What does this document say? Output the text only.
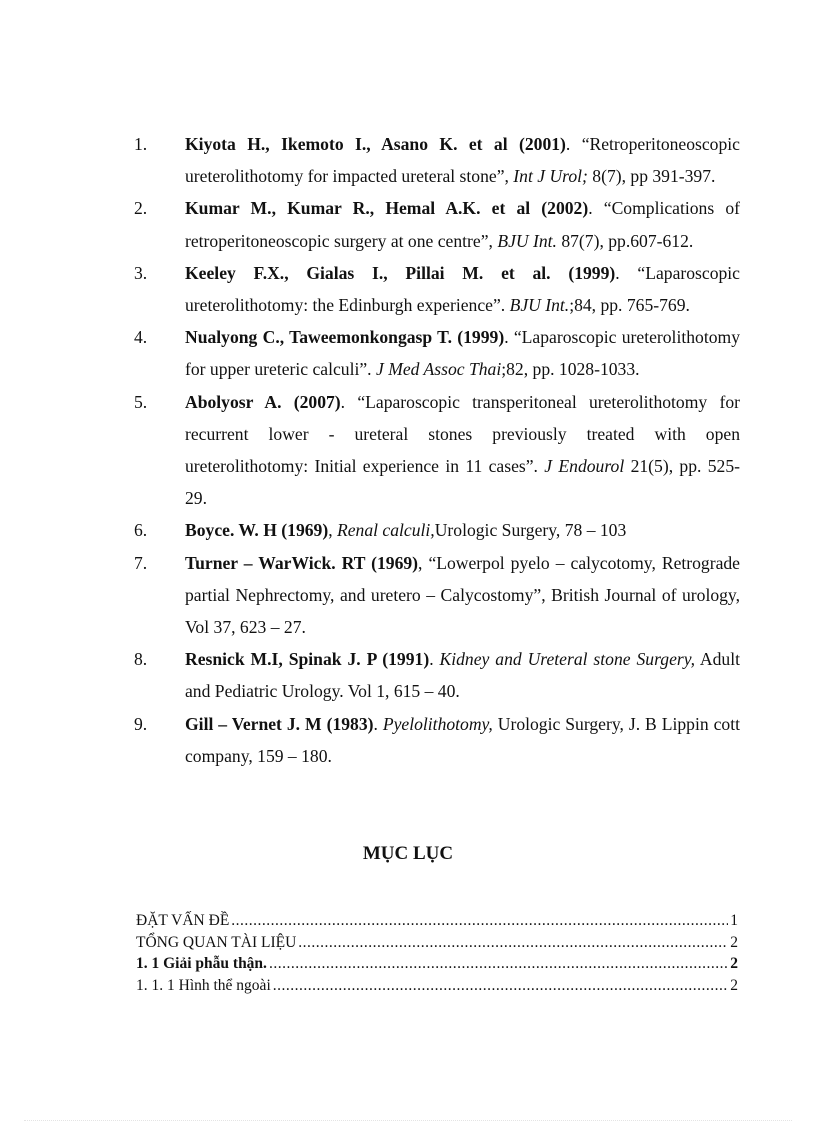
1. Kiyota H., Ikemoto I., Asano K. et al (2001). “Retroperitoneoscopic ureterolithotomy for impacted ureteral stone”, Int J Urol; 8(7), pp 391-397.
2. Kumar M., Kumar R., Hemal A.K. et al (2002). “Complications of retroperitoneoscopic surgery at one centre”, BJU Int. 87(7), pp.607-612.
3. Keeley F.X., Gialas I., Pillai M. et al. (1999). “Laparoscopic ureterolithotomy: the Edinburgh experience”. BJU Int.;84, pp. 765-769.
4. Nualyong C., Taweemonkongasp T. (1999). “Laparoscopic ureterolithotomy for upper ureteric calculi”. J Med Assoc Thai;82, pp. 1028-1033.
5. Abolyosr A. (2007). “Laparoscopic transperitoneal ureterolithotomy for recurrent lower - ureteral stones previously treated with open ureterolithotomy: Initial experience in 11 cases”. J Endourol 21(5), pp. 525-29.
6. Boyce. W. H (1969), Renal calculi,Urologic Surgery, 78 – 103
7. Turner – WarWick. RT (1969), “Lowerpol pyelo – calycotomy, Retrograde partial Nephrectomy, and uretero – Calycostomy”, British Journal of urology, Vol 37, 623 – 27.
8. Resnick M.I, Spinak J. P (1991). Kidney and Ureteral stone Surgery, Adult and Pediatric Urology. Vol 1, 615 – 40.
9. Gill – Vernet J. M (1983). Pyelolithotomy, Urologic Surgery, J. B Lippin cott company, 159 – 180.
MỤC LỤC
ĐẶT VẤN ĐỀ .....	1
TỔNG QUAN TÀI LIỆU .....	2
1. 1 Giải phẫu thận. .....	2
1. 1. 1 Hình thể ngoài .....	2
